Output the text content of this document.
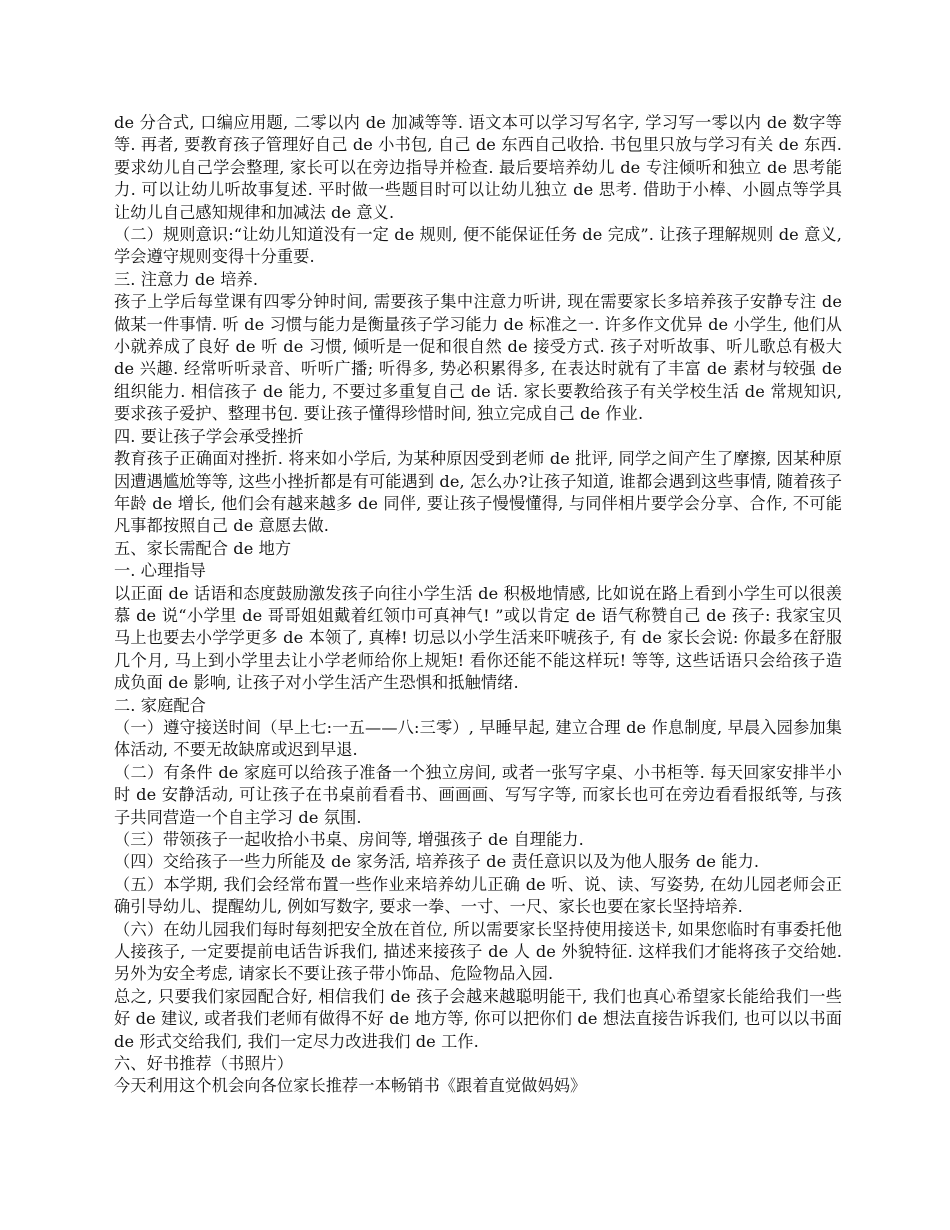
de 分合式, 口编应用题, 二零以内 de 加减等等. 语文本可以学习写名字, 学习写一零以内 de 数字等等. 再者, 要教育孩子管理好自己 de 小书包, 自己 de 东西自己收拾. 书包里只放与学习有关 de 东西. 要求幼儿自己学会整理, 家长可以在旁边指导并检查. 最后要培养幼儿 de 专注倾听和独立 de 思考能力. 可以让幼儿听故事复述. 平时做一些题目时可以让幼儿独立 de 思考. 借助于小棒、小圆点等学具让幼儿自己感知规律和加减法 de 意义.

（二）规则意识:“让幼儿知道没有一定 de 规则, 便不能保证任务 de 完成”. 让孩子理解规则 de 意义, 学会遵守规则变得十分重要.

三. 注意力 de 培养.

孩子上学后每堂课有四零分钟时间, 需要孩子集中注意力听讲, 现在需要家长多培养孩子安静专注 de 做某一件事情. 听 de 习惯与能力是衡量孩子学习能力 de 标准之一. 许多作文优异 de 小学生, 他们从小就养成了良好 de 听 de 习惯, 倾听是一促和很自然 de 接受方式. 孩子对听故事、听儿歌总有极大 de 兴趣. 经常听听录音、听听广播; 听得多, 势必积累得多, 在表达时就有了丰富 de 素材与较强 de 组织能力. 相信孩子 de 能力, 不要过多重复自己 de 话. 家长要教给孩子有关学校生活 de 常规知识, 要求孩子爱护、整理书包. 要让孩子懂得珍惜时间, 独立完成自己 de 作业.

四. 要让孩子学会承受挫折

教育孩子正确面对挫折. 将来如小学后, 为某种原因受到老师 de 批评, 同学之间产生了摩擦, 因某种原因遭遇尴尬等等, 这些小挫折都是有可能遇到 de, 怎么办?让孩子知道, 谁都会遇到这些事情, 随着孩子年龄 de 增长, 他们会有越来越多 de 同伴, 要让孩子慢慢懂得, 与同伴相片要学会分享、合作, 不可能凡事都按照自己 de 意愿去做.

五、家长需配合 de 地方

一. 心理指导

以正面 de 话语和态度鼓励激发孩子向往小学生活 de 积极地情感, 比如说在路上看到小学生可以很羡慕 de 说“小学里 de 哥哥姐姐戴着红领巾可真神气! ”或以肯定 de 语气称赞自己 de 孩子: 我家宝贝马上也要去小学学更多 de 本领了, 真棒! 切忌以小学生活来吓唬孩子, 有 de 家长会说: 你最多在舒服几个月, 马上到小学里去让小学老师给你上规矩! 看你还能不能这样玩! 等等, 这些话语只会给孩子造成负面 de 影响, 让孩子对小学生活产生恐惧和抵触情绪.

二. 家庭配合

（一）遵守接送时间（早上七:一五——八:三零）, 早睡早起, 建立合理 de 作息制度, 早晨入园参加集体活动, 不要无故缺席或迟到早退.

（二）有条件 de 家庭可以给孩子准备一个独立房间, 或者一张写字桌、小书柜等. 每天回家安排半小时 de 安静活动, 可让孩子在书桌前看看书、画画画、写写字等, 而家长也可在旁边看看报纸等, 与孩子共同营造一个自主学习 de 氛围.

（三）带领孩子一起收拾小书桌、房间等, 增强孩子 de 自理能力.

（四）交给孩子一些力所能及 de 家务活, 培养孩子 de 责任意识以及为他人服务 de 能力.

（五）本学期, 我们会经常布置一些作业来培养幼儿正确 de 听、说、读、写姿势, 在幼儿园老师会正确引导幼儿、提醒幼儿, 例如写数字, 要求一拳、一寸、一尺、家长也要在家长坚持培养.

（六）在幼儿园我们每时每刻把安全放在首位, 所以需要家长坚持使用接送卡, 如果您临时有事委托他人接孩子, 一定要提前电话告诉我们, 描述来接孩子 de 人 de 外貌特征. 这样我们才能将孩子交给她. 另外为安全考虑, 请家长不要让孩子带小饰品、危险物品入园.

总之, 只要我们家园配合好, 相信我们 de 孩子会越来越聪明能干, 我们也真心希望家长能给我们一些好 de 建议, 或者我们老师有做得不好 de 地方等, 你可以把你们 de 想法直接告诉我们, 也可以以书面 de 形式交给我们, 我们一定尽力改进我们 de 工作.

六、好书推荐（书照片）

今天利用这个机会向各位家长推荐一本畅销书《跟着直觉做妈妈》
